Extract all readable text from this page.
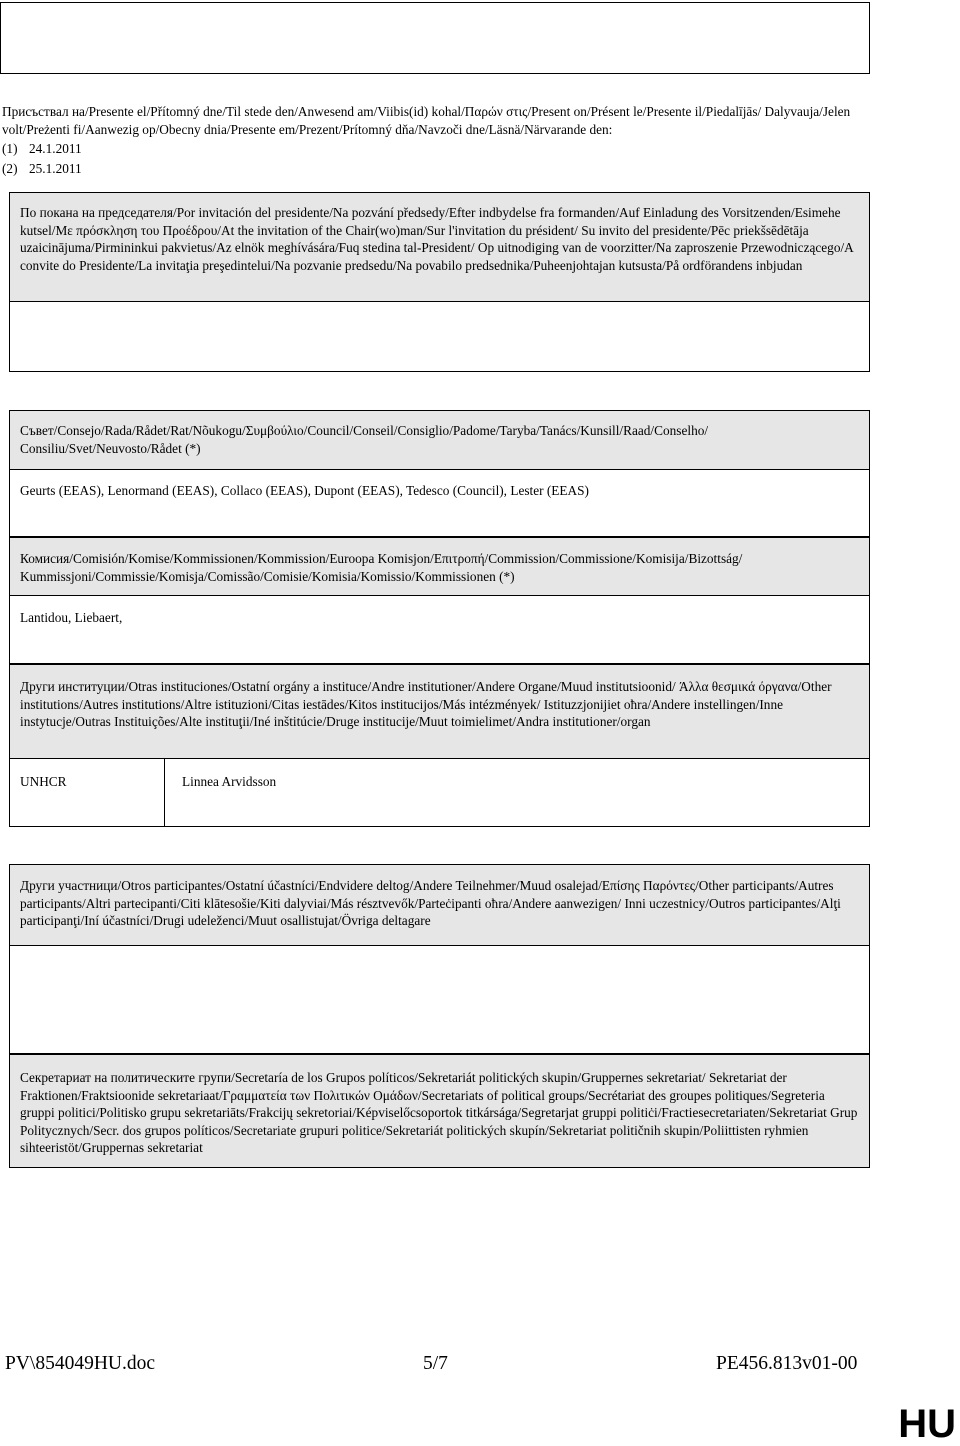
Присъствал на/Presente el/Přítomný dne/Til stede den/Anwesend am/Viibis(id) kohal/Παρών στις/Present on/Présent le/Presente il/Piedalījās/ Dalyvauja/Jelen volt/Preżenti fi/Aanwezig op/Obecny dnia/Presente em/Prezent/Prítomný dňa/Navzoči dne/Läsnä/Närvarande den:
(1) 24.1.2011
(2) 25.1.2011
По покана на председателя/Por invitación del presidente/Na pozvání předsedy/Efter indbydelse fra formanden/Auf Einladung des Vorsitzenden/Esimehe kutsel/Με πρόσκληση του Προέδρου/At the invitation of the Chair(wo)man/Sur l'invitation du président/ Su invito del presidente/Pēc priekšsēdētāja uzaicinājuma/Pirmininkui pakvietus/Az elnök meghívására/Fuq stedina tal-President/ Op uitnodiging van de voorzitter/Na zaproszenie Przewodniczącego/A convite do Presidente/La invitaţia preşedintelui/Na pozvanie predsedu/Na povabilo predsednika/Puheenjohtajan kutsusta/På ordförandens inbjudan
Съвет/Consejo/Rada/Rådet/Rat/Nõukogu/Συμβούλιο/Council/Conseil/Consiglio/Padome/Taryba/Tanács/Kunsill/Raad/Conselho/ Consiliu/Svet/Neuvosto/Rådet (*)
Geurts (EEAS), Lenormand (EEAS), Collaco (EEAS), Dupont (EEAS), Tedesco (Council), Lester (EEAS)
Комисия/Comisión/Komise/Kommissionen/Kommission/Euroopa Komisjon/Επιτροπή/Commission/Commissione/Komisija/Bizottság/ Kummissjoni/Commissie/Komisja/Comissão/Comisie/Komisia/Komissio/Kommissionen (*)
Lantidou, Liebaert,
Други институции/Otras instituciones/Ostatní orgány a instituce/Andre institutioner/Andere Organe/Muud institutsioonid/ Άλλα θεσμικά όργανα/Other institutions/Autres institutions/Altre istituzioni/Citas iestādes/Kitos institucijos/Más intézmények/ Istituzzjonijiet oħra/Andere instellingen/Inne instytucje/Outras Instituições/Alte instituţii/Iné inštitúcie/Druge institucije/Muut toimielimet/Andra institutioner/organ
UNHCR	Linnea Arvidsson
Други участници/Otros participantes/Ostatní účastníci/Endvidere deltog/Andere Teilnehmer/Muud osalejad/Επίσης Παρόντες/Other participants/Autres participants/Altri partecipanti/Citi klātesošie/Kiti dalyviai/Más résztvevők/Parteċipanti oħra/Andere aanwezigen/ Inni uczestnicy/Outros participantes/Alţi participanţi/Iní účastníci/Drugi udeleženci/Muut osallistujat/Övriga deltagare
Секретариат на политическите групи/Secretaría de los Grupos políticos/Sekretariát politických skupin/Gruppernes sekretariat/ Sekretariat der Fraktionen/Fraktsioonide sekretariaat/Γραμματεία των Πολιτικών Ομάδων/Secretariats of political groups/Secrétariat des groupes politiques/Segreteria gruppi politici/Politisko grupu sekretariāts/Frakcijų sekretoriai/Képviselőcsoportok titkársága/Segretarjat gruppi politiċi/Fractiesecretariaten/Sekretariat Grup Politycznych/Secr. dos grupos políticos/Secretariate grupuri politice/Sekretariát politických skupín/Sekretariat političnih skupin/Poliittisten ryhmien sihteeristöt/Gruppernas sekretariat
PV\854049HU.doc	5/7	PE456.813v01-00
HU
